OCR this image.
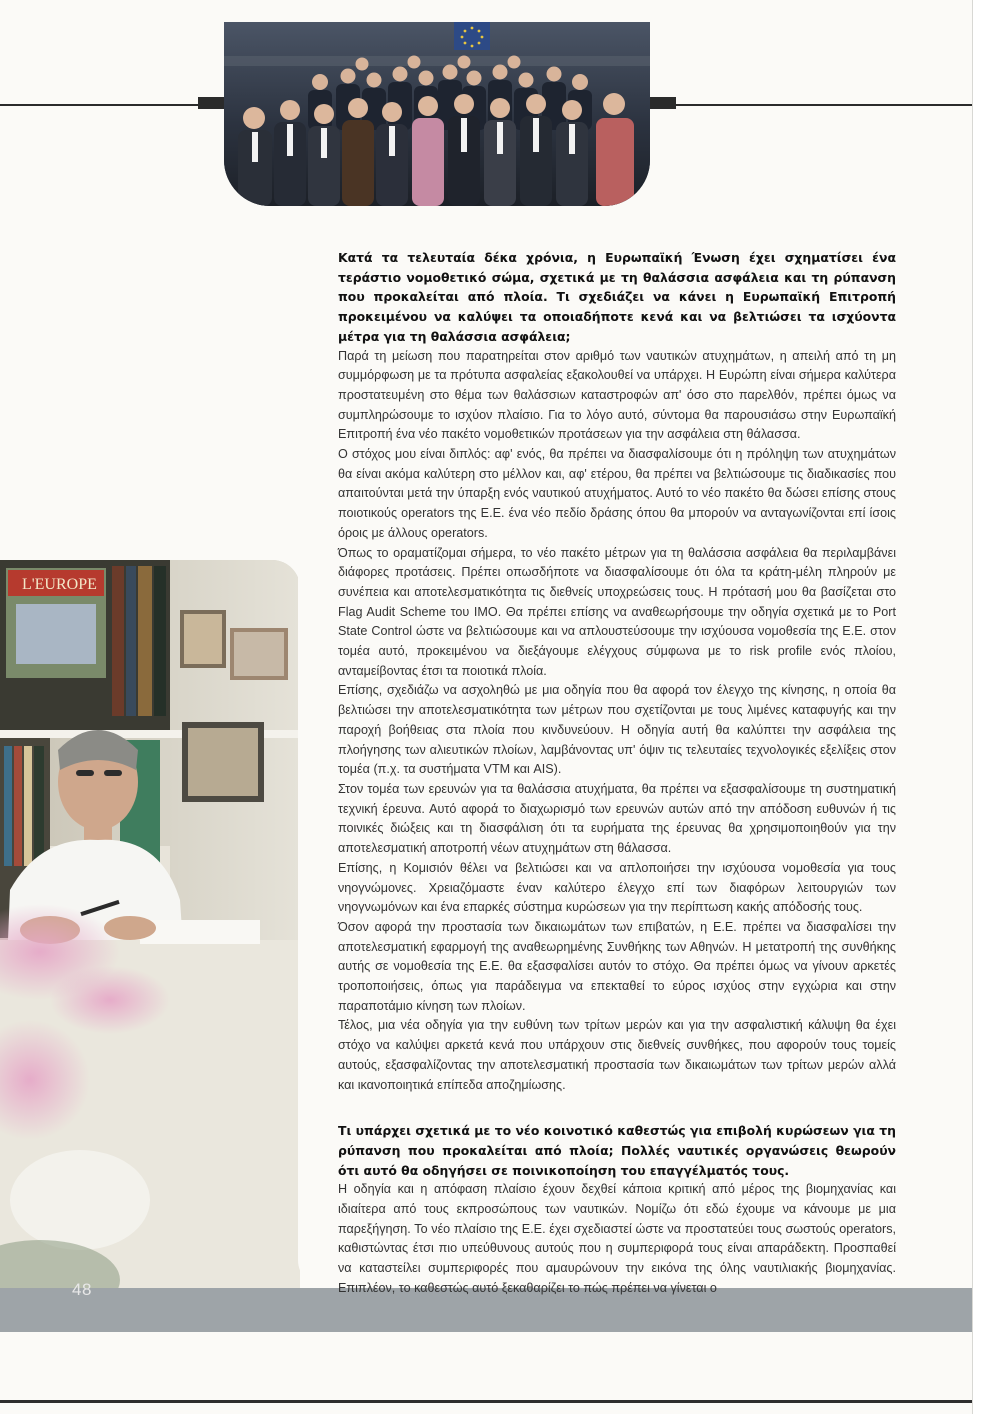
L'EUROPE
48

Κατά τα τελευταία δέκα χρόνια, η Ευρωπαϊκή Ένωση έχει σχηματίσει ένα τεράστιο νομοθετικό σώμα, σχετικά με τη θαλάσσια ασφάλεια και τη ρύπανση που προκαλείται από πλοία. Τι σχεδιάζει να κάνει η Ευρωπαϊκή Επιτροπή προκειμένου να καλύψει τα οποιαδήποτε κενά και να βελτιώσει τα ισχύοντα μέτρα για τη θαλάσσια ασφάλεια;

Παρά τη μείωση που παρατηρείται στον αριθμό των ναυτικών ατυχημάτων, η απειλή από τη μη συμμόρφωση με τα πρότυπα ασφαλείας εξακολουθεί να υπάρχει. Η Ευρώπη είναι σήμερα καλύτερα προστατευμένη στο θέμα των θαλάσσιων καταστροφών απ' όσο στο παρελθόν, πρέπει όμως να συμπληρώσουμε το ισχύον πλαίσιο. Για το λόγο αυτό, σύντομα θα παρουσιάσω στην Ευρωπαϊκή Επιτροπή ένα νέο πακέτο νομοθετικών προτάσεων για την ασφάλεια στη θάλασσα.

Ο στόχος μου είναι διπλός: αφ' ενός, θα πρέπει να διασφαλίσουμε ότι η πρόληψη των ατυχημάτων θα είναι ακόμα καλύτερη στο μέλλον και, αφ' ετέρου, θα πρέπει να βελτιώσουμε τις διαδικασίες που απαιτούνται μετά την ύπαρξη ενός ναυτικού ατυχήματος. Αυτό το νέο πακέτο θα δώσει επίσης στους ποιοτικούς operators της Ε.Ε. ένα νέο πεδίο δράσης όπου θα μπορούν να ανταγωνίζονται επί ίσοις όροις με άλλους operators.

Όπως το οραματίζομαι σήμερα, το νέο πακέτο μέτρων για τη θαλάσσια ασφάλεια θα περιλαμβάνει διάφορες προτάσεις. Πρέπει οπωσδήποτε να διασφαλίσουμε ότι όλα τα κράτη-μέλη πληρούν με συνέπεια και αποτελεσματικότητα τις διεθνείς υποχρεώσεις τους. Η πρότασή μου θα βασίζεται στο Flag Audit Scheme του IMO. Θα πρέπει επίσης να αναθεωρήσουμε την οδηγία σχετικά με το Port State Control ώστε να βελτιώσουμε και να απλουστεύσουμε την ισχύουσα νομοθεσία της Ε.Ε. στον τομέα αυτό, προκειμένου να διεξάγουμε ελέγχους σύμφωνα με το risk profile ενός πλοίου, ανταμείβοντας έτσι τα ποιοτικά πλοία.

Επίσης, σχεδιάζω να ασχοληθώ με μια οδηγία που θα αφορά τον έλεγχο της κίνησης, η οποία θα βελτιώσει την αποτελεσματικότητα των μέτρων που σχετίζονται με τους λιμένες καταφυγής και την παροχή βοήθειας στα πλοία που κινδυνεύουν. Η οδηγία αυτή θα καλύπτει την ασφάλεια της πλοήγησης των αλιευτικών πλοίων, λαμβάνοντας υπ' όψιν τις τελευταίες τεχνολογικές εξελίξεις στον τομέα (π.χ. τα συστήματα VTM και AIS).

Στον τομέα των ερευνών για τα θαλάσσια ατυχήματα, θα πρέπει να εξασφαλίσουμε τη συστηματική τεχνική έρευνα. Αυτό αφορά το διαχωρισμό των ερευνών αυτών από την απόδοση ευθυνών ή τις ποινικές διώξεις και τη διασφάλιση ότι τα ευρήματα της έρευνας θα χρησιμοποιηθούν για την αποτελεσματική αποτροπή νέων ατυχημάτων στη θάλασσα.

Επίσης, η Κομισιόν θέλει να βελτιώσει και να απλοποιήσει την ισχύουσα νομοθεσία για τους νηογνώμονες. Χρειαζόμαστε έναν καλύτερο έλεγχο επί των διαφόρων λειτουργιών των νηογνωμόνων και ένα επαρκές σύστημα κυρώσεων για την περίπτωση κακής απόδοσής τους.

Όσον αφορά την προστασία των δικαιωμάτων των επιβατών, η Ε.Ε. πρέπει να διασφαλίσει την αποτελεσματική εφαρμογή της αναθεωρημένης Συνθήκης των Αθηνών. Η μετατροπή της συνθήκης αυτής σε νομοθεσία της Ε.Ε. θα εξασφαλίσει αυτόν το στόχο. Θα πρέπει όμως να γίνουν αρκετές τροποποιήσεις, όπως για παράδειγμα να επεκταθεί το εύρος ισχύος στην εγχώρια και στην παραποτάμιο κίνηση των πλοίων.

Τέλος, μια νέα οδηγία για την ευθύνη των τρίτων μερών και για την ασφαλιστική κάλυψη θα έχει στόχο να καλύψει αρκετά κενά που υπάρχουν στις διεθνείς συνθήκες, που αφορούν τους τομείς αυτούς, εξασφαλίζοντας την αποτελεσματική προστασία των δικαιωμάτων των τρίτων μερών αλλά και ικανοποιητικά επίπεδα αποζημίωσης.

Τι υπάρχει σχετικά με το νέο κοινοτικό καθεστώς για επιβολή κυρώσεων για τη ρύπανση που προκαλείται από πλοία; Πολλές ναυτικές οργανώσεις θεωρούν ότι αυτό θα οδηγήσει σε ποινικοποίηση του επαγγέλματός τους.

Η οδηγία και η απόφαση πλαίσιο έχουν δεχθεί κάποια κριτική από μέρος της βιομηχανίας και ιδιαίτερα από τους εκπροσώπους των ναυτικών. Νομίζω ότι εδώ έχουμε να κάνουμε με μια παρεξήγηση. Το νέο πλαίσιο της Ε.Ε. έχει σχεδιαστεί ώστε να προστατεύει τους σωστούς operators, καθιστώντας έτσι πιο υπεύθυνους αυτούς που η συμπεριφορά τους είναι απαράδεκτη. Προσπαθεί να καταστείλει συμπεριφορές που αμαυρώνουν την εικόνα της όλης ναυτιλιακής βιομηχανίας. Επιπλέον, το καθεστώς αυτό ξεκαθαρίζει το πώς πρέπει να γίνεται ο
